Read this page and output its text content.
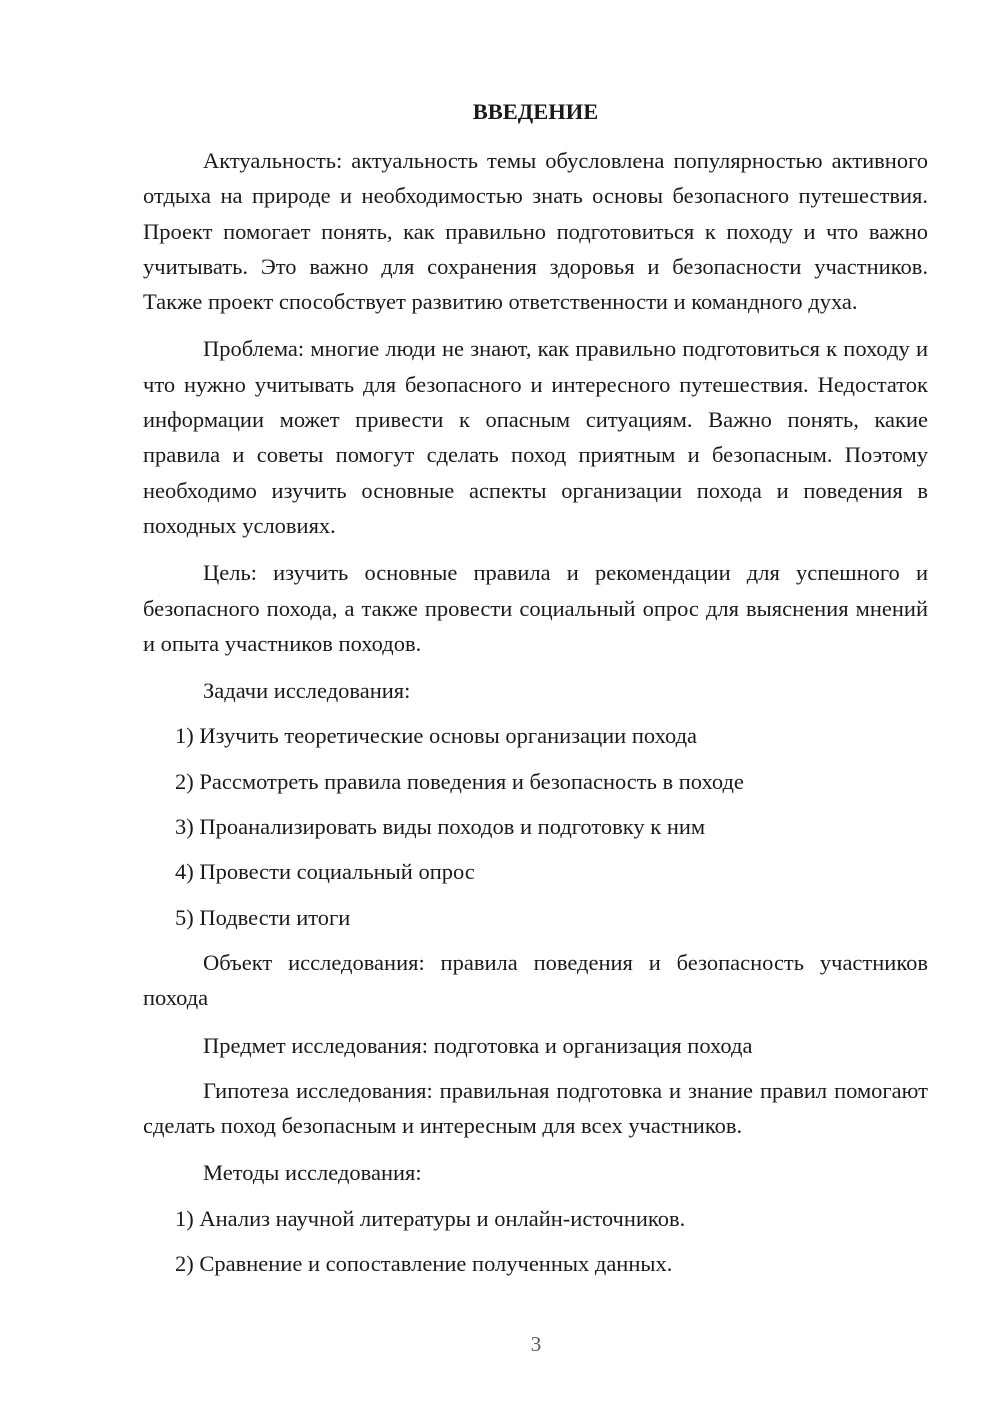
ВВЕДЕНИЕ

Актуальность: актуальность темы обусловлена популярностью активного отдыха на природе и необходимостью знать основы безопасного путешествия. Проект помогает понять, как правильно подготовиться к походу и что важно учитывать. Это важно для сохранения здоровья и безопасности участников. Также проект способствует развитию ответственности и командного духа.

Проблема: многие люди не знают, как правильно подготовиться к походу и что нужно учитывать для безопасного и интересного путешествия. Недостаток информации может привести к опасным ситуациям. Важно понять, какие правила и советы помогут сделать поход приятным и безопасным. Поэтому необходимо изучить основные аспекты организации похода и поведения в походных условиях.

Цель: изучить основные правила и рекомендации для успешного и безопасного похода, а также провести социальный опрос для выяснения мнений и опыта участников походов.

Задачи исследования:

1) Изучить теоретические основы организации похода

2) Рассмотреть правила поведения и безопасность в походе

3) Проанализировать виды походов и подготовку к ним

4) Провести социальный опрос

5) Подвести итоги

Объект исследования: правила поведения и безопасность участников похода

Предмет исследования: подготовка и организация похода

Гипотеза исследования: правильная подготовка и знание правил помогают сделать поход безопасным и интересным для всех участников.

Методы исследования:

1) Анализ научной литературы и онлайн-источников.

2) Сравнение и сопоставление полученных данных.

3
